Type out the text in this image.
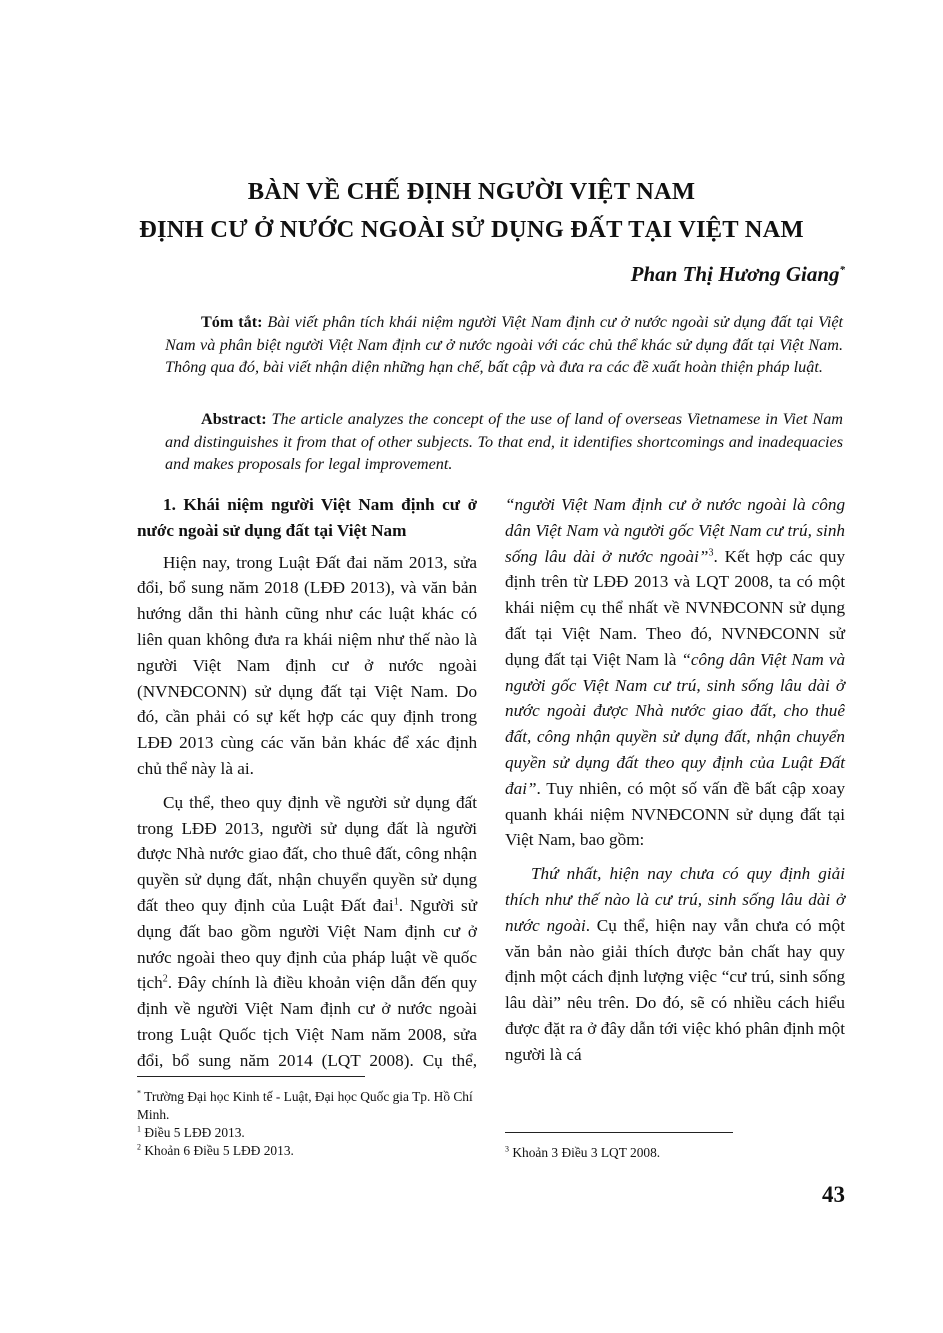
BÀN VỀ CHẾ ĐỊNH NGƯỜI VIỆT NAM
ĐỊNH CƯ Ở NƯỚC NGOÀI SỬ DỤNG ĐẤT TẠI VIỆT NAM
Phan Thị Hương Giang*
Tóm tắt: Bài viết phân tích khái niệm người Việt Nam định cư ở nước ngoài sử dụng đất tại Việt Nam và phân biệt người Việt Nam định cư ở nước ngoài với các chủ thể khác sử dụng đất tại Việt Nam. Thông qua đó, bài viết nhận diện những hạn chế, bất cập và đưa ra các đề xuất hoàn thiện pháp luật.
Abstract: The article analyzes the concept of the use of land of overseas Vietnamese in Viet Nam and distinguishes it from that of other subjects. To that end, it identifies shortcomings and inadequacies and makes proposals for legal improvement.
1. Khái niệm người Việt Nam định cư ở nước ngoài sử dụng đất tại Việt Nam

Hiện nay, trong Luật Đất đai năm 2013, sửa đổi, bổ sung năm 2018 (LĐĐ 2013), và văn bản hướng dẫn thi hành cũng như các luật khác có liên quan không đưa ra khái niệm như thế nào là người Việt Nam định cư ở nước ngoài (NVNĐCONN) sử dụng đất tại Việt Nam. Do đó, cần phải có sự kết hợp các quy định trong LĐĐ 2013 cùng các văn bản khác để xác định chủ thể này là ai.

Cụ thể, theo quy định về người sử dụng đất trong LĐĐ 2013, người sử dụng đất là người được Nhà nước giao đất, cho thuê đất, công nhận quyền sử dụng đất, nhận chuyển quyền sử dụng đất theo quy định của Luật Đất đai$^1$. Người sử dụng đất bao gồm người Việt Nam định cư ở nước ngoài theo quy định của pháp luật về quốc tịch$^2$. Đây chính là điều khoản viện dẫn đến quy định về người Việt Nam định cư ở nước ngoài trong Luật Quốc tịch Việt Nam năm 2008, sửa đổi, bổ sung năm 2014 (LQT 2008). Cụ thể,

“người Việt Nam định cư ở nước ngoài là công dân Việt Nam và người gốc Việt Nam cư trú, sinh sống lâu dài ở nước ngoài”$^3$. Kết hợp các quy định trên từ LĐĐ 2013 và LQT 2008, ta có một khái niệm cụ thể nhất về NVNĐCONN sử dụng đất tại Việt Nam. Theo đó, NVNĐCONN sử dụng đất tại Việt Nam là “công dân Việt Nam và người gốc Việt Nam cư trú, sinh sống lâu dài ở nước ngoài được Nhà nước giao đất, cho thuê đất, công nhận quyền sử dụng đất, nhận chuyển quyền sử dụng đất theo quy định của Luật Đất đai”. Tuy nhiên, có một số vấn đề bất cập xoay quanh khái niệm NVNĐCONN sử dụng đất tại Việt Nam, bao gồm:

Thứ nhất, hiện nay chưa có quy định giải thích như thế nào là cư trú, sinh sống lâu dài ở nước ngoài. Cụ thể, hiện nay vẫn chưa có một văn bản nào giải thích được bản chất hay quy định một cách định lượng việc “cư trú, sinh sống lâu dài” nêu trên. Do đó, sẽ có nhiều cách hiểu được đặt ra ở đây dẫn tới việc khó phân định một người là cá

* Trường Đại học Kinh tế - Luật, Đại học Quốc gia Tp. Hồ Chí Minh.
$^1$ Điều 5 LĐĐ 2013.
$^2$ Khoản 6 Điều 5 LĐĐ 2013.	$^3$ Khoản 3 Điều 3 LQT 2008.
43
